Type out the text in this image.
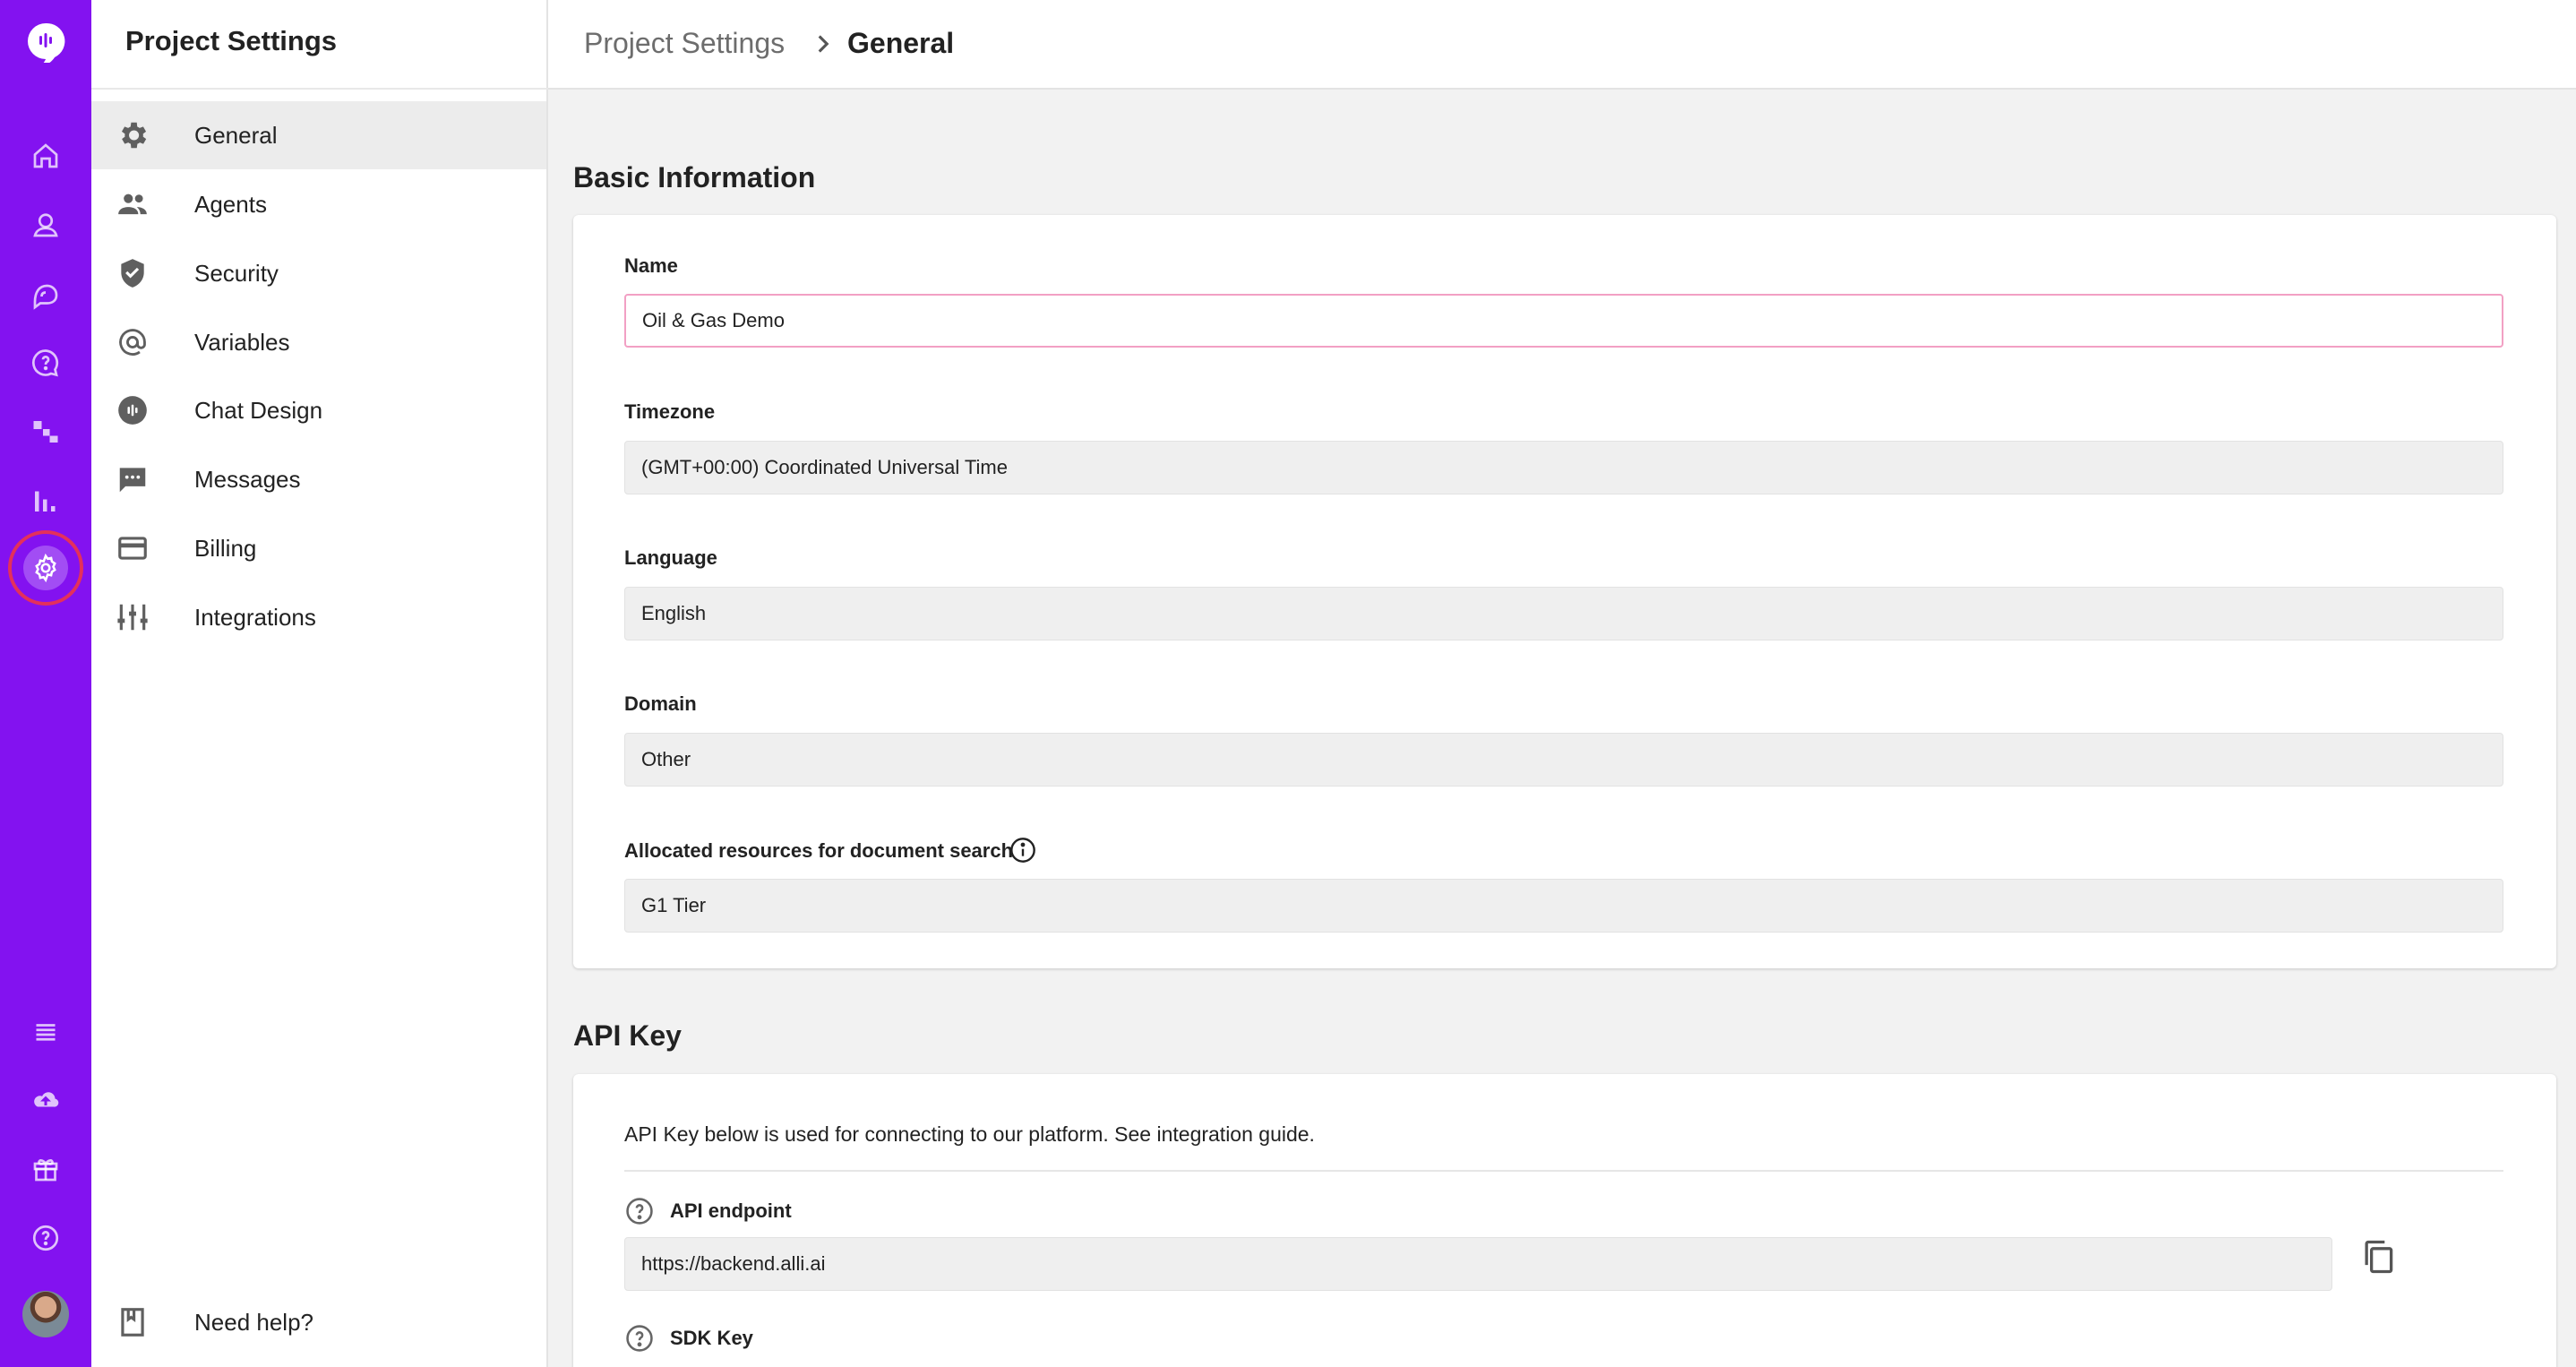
Project Settings
General
Agents
Security
Variables
Chat Design
Messages
Billing
Integrations
Need help?
Project Settings General
Basic Information
Name
Oil & Gas Demo
Timezone
(GMT+00:00) Coordinated Universal Time
Language
English
Domain
Other
Allocated resources for document search
G1 Tier
API Key
API Key below is used for connecting to our platform. See integration guide.
API endpoint
https://backend.alli.ai
SDK Key
